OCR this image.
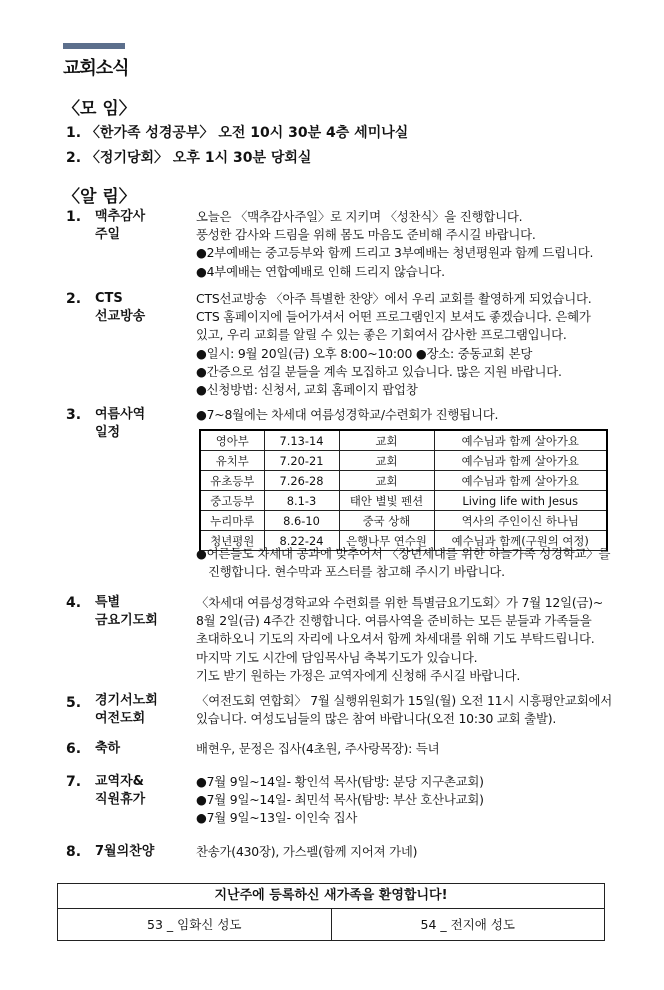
교회소식
〈모 임〉
1. 〈한가족 성경공부〉 오전 10시 30분 4층 세미나실
2. 〈정기당회〉 오후 1시 30분 당회실
〈알 림〉
1. 맥추감사
주일
오늘은 〈맥추감사주일〉로 지키며 〈성찬식〉을 진행합니다.
풍성한 감사와 드림을 위해 몸도 마음도 준비해 주시길 바랍니다.
●2부예배는 중고등부와 함께 드리고 3부예배는 청년평원과 함께 드립니다.
●4부예배는 연합예배로 인해 드리지 않습니다.
2. CTS
선교방송
CTS선교방송 〈아주 특별한 찬양〉에서 우리 교회를 촬영하게 되었습니다.
CTS 홈페이지에 들어가셔서 어떤 프로그램인지 보셔도 좋겠습니다. 은혜가
있고, 우리 교회를 알릴 수 있는 좋은 기회여서 감사한 프로그램입니다.
●일시: 9월 20일(금) 오후 8:00~10:00 ●장소: 중동교회 본당
●간증으로 섬길 분들을 계속 모집하고 있습니다. 많은 지원 바랍니다.
●신청방법: 신청서, 교회 홈페이지 팝업창
3. 여름사역
일정
●7~8월에는 차세대 여름성경학교/수련회가 진행됩니다.
영아부	7.13-14	교회	예수님과 함께 살아가요
유치부	7.20-21	교회	예수님과 함께 살아가요
유초등부	7.26-28	교회	예수님과 함께 살아가요
중고등부	8.1-3	태안 별빛 펜션	Living life with Jesus
누리마루	8.6-10	중국 상해	역사의 주인이신 하나님
청년평원	8.22-24	은행나무 연수원	예수님과 함께(구원의 여정)
●어른들도 차세대 공과에 맞추어서 〈장년세대를 위한 하늘가족 성경학교〉를
진행합니다. 현수막과 포스터를 참고해 주시기 바랍니다.
4. 특별
금요기도회
〈차세대 여름성경학교와 수련회를 위한 특별금요기도회〉가 7월 12일(금)~
8월 2일(금) 4주간 진행합니다. 여름사역을 준비하는 모든 분들과 가족들을
초대하오니 기도의 자리에 나오셔서 함께 차세대를 위해 기도 부탁드립니다.
마지막 기도 시간에 담임목사님 축복기도가 있습니다.
기도 받기 원하는 가정은 교역자에게 신청해 주시길 바랍니다.
5. 경기서노회
여전도회
〈여전도회 연합회〉 7월 실행위원회가 15일(월) 오전 11시 시흥평안교회에서
있습니다. 여성도님들의 많은 참여 바랍니다(오전 10:30 교회 출발).
6. 축하	배현우, 문정은 집사(4초원, 주사랑목장): 득녀
7. 교역자&
직원휴가
●7월 9일~14일- 황인석 목사(탐방: 분당 지구촌교회)
●7월 9일~14일- 최민석 목사(탐방: 부산 호산나교회)
●7월 9일~13일- 이인숙 집사
8. 7월의찬양	찬송가(430장), 가스펠(함께 지어져 가네)
지난주에 등록하신 새가족을 환영합니다!
53 _ 임화신 성도	54 _ 전지애 성도
